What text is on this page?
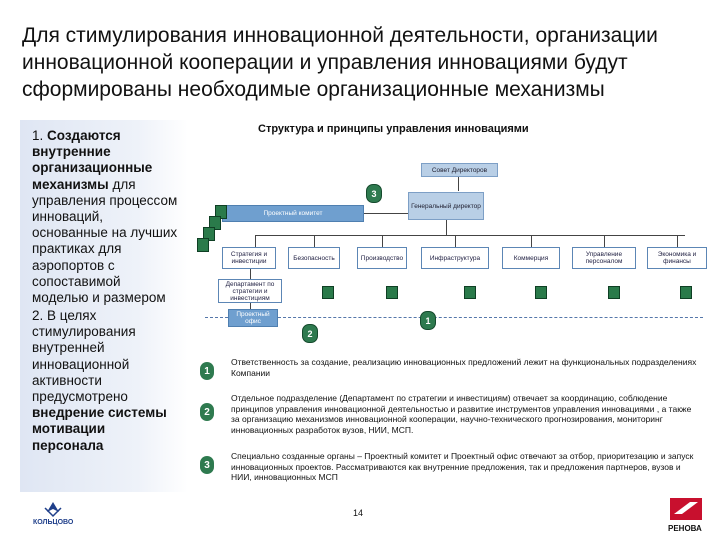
Для стимулирования инновационной деятельности, организации инновационной кооперации и управления инновациями будут сформированы необходимые организационные механизмы
1. Создаются внутренние организационные механизмы для управления процессом инноваций, основанные на лучших практиках для аэропортов с сопоставимой моделью и размером
2. В целях стимулирования внутренней инновационной активности предусмотрено внедрение системы мотивации персонала
Структура и принципы управления инновациями
Совет Директоров
Генеральный директор
Проектный комитет
3
Стратегия и инвестиции	Безопасность	Производство	Инфраструктура	Коммерция	Управление персоналом
Экономика и финансы
Департамент по стратегии и инвестициям
Проектный офис	1
2
1
Ответственность за создание, реализацию инновационных предложений лежит на функциональных подразделениях Компании
2
Отдельное подразделение (Департамент по стратегии и инвестициям) отвечает за координацию, соблюдение принципов управления инновационной деятельностью и развитие инструментов управления инновациями , а также за организацию механизмов инновационной кооперации, научно-технического прогнозирования, мониторинг инновационных разработок вузов, НИИ, МСП.
3
Специально созданные органы – Проектный комитет и Проектный офис отвечают за отбор, приоритезацию и запуск инновационных проектов. Рассматриваются как внутренние предложения, так и предложения партнеров, вузов и НИИ, инновационных МСП
14
КОЛЬЦОВО
РЕНОВА
